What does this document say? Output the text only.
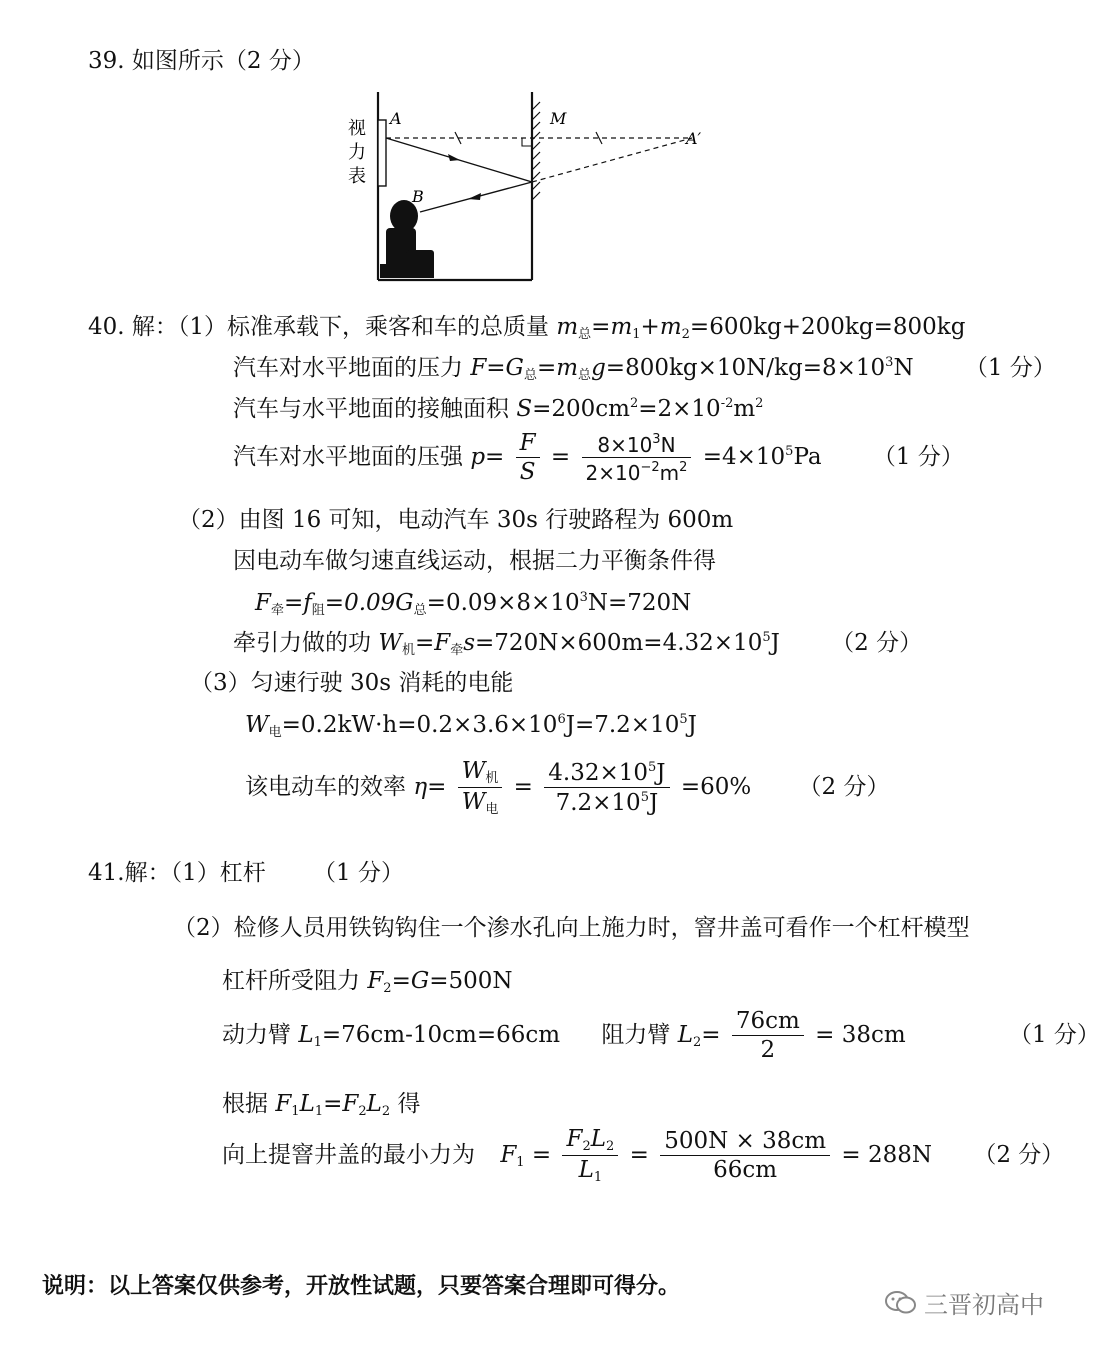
39. 如图所示（2 分）
视
力
表
A	M
A′
B
40. 解：（1）标准承载下，乘客和车的总质量 $m_总=m_1+m_2=600kg+200kg=800kg$
汽车对水平地面的压力 $F=G_总=m_总g=800kg\times 10N/kg=8\times 10^3N$ （1 分）
汽车与水平地面的接触面积 $S=200cm^2=2\times 10^{-2}m^2$
汽车对水平地面的压强 $p= \frac{F}{S} = \frac{8\times 10^3N}{2\times 10^{-2}m^2} =4\times 10^5Pa$ （1 分）
（2）由图 16 可知，电动汽车 30s 行驶路程为 600m
因电动车做匀速直线运动，根据二力平衡条件得
$F_牵=f_阻=0.09G_总=0.09\times 8\times 10^3N=720N$
牵引力做的功 $W_机=F_牵s=720N\times 600m=4.32\times 10^5J$ （2 分）
（3）匀速行驶 30s 消耗的电能
$W_电=0.2kW\cdot h=0.2\times 3.6\times 10^6J=7.2\times 10^5J$
该电动车的效率 $\eta= \frac{W_机}{W_电} = \frac{4.32\times 10^5J}{7.2\times 10^5J} =60\%$ （2 分）
41.解：（1）杠杆 （1 分）
（2）检修人员用铁钩钩住一个渗水孔向上施力时，窨井盖可看作一个杠杆模型
杠杆所受阻力 $F_2=G=500N$
动力臂 $L_1=76cm-10cm=66cm$ 阻力臂 $L_2= \frac{76cm}{2} = 38cm$	（1 分）
根据 $F_1L_1=F_2L_2$ 得
向上提窨井盖的最小力为 $F_1 = \frac{F_2L_2}{L_1} = \frac{500N \times 38cm}{66cm} = 288N$ （2 分）
说明：以上答案仅供参考，开放性试题，只要答案合理即可得分。
三晋初高中
